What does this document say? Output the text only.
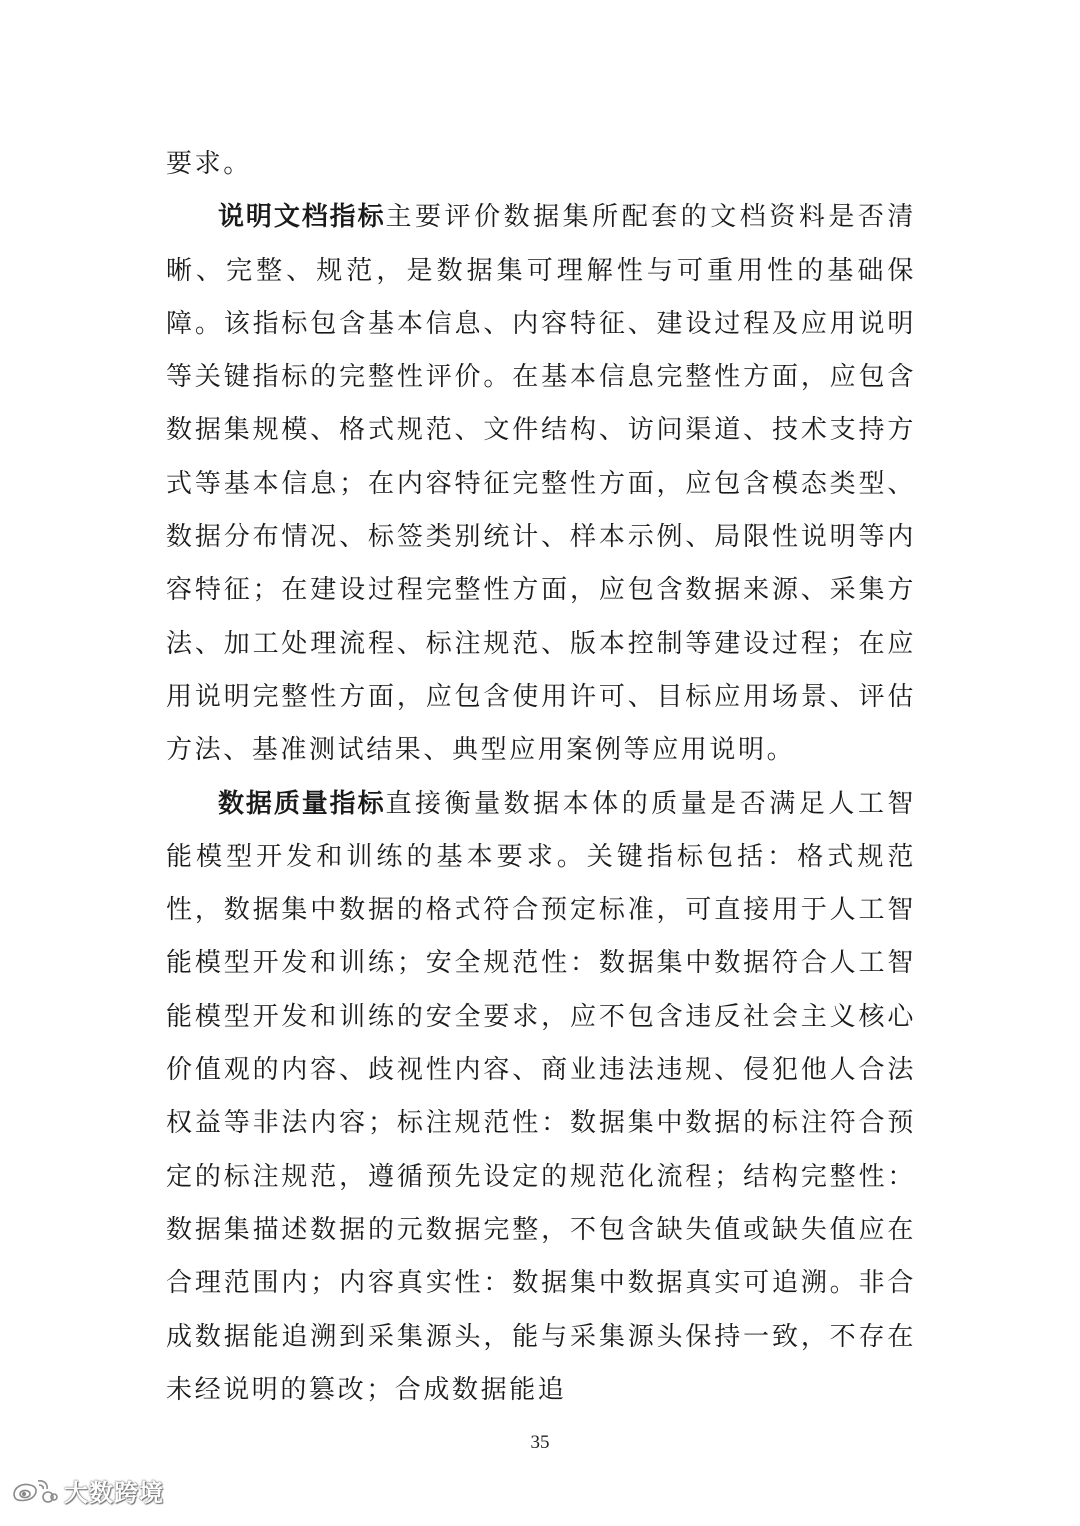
要求。

说明文档指标主要评价数据集所配套的文档资料是否清晰、完整、规范，是数据集可理解性与可重用性的基础保障。该指标包含基本信息、内容特征、建设过程及应用说明等关键指标的完整性评价。在基本信息完整性方面，应包含数据集规模、格式规范、文件结构、访问渠道、技术支持方式等基本信息；在内容特征完整性方面，应包含模态类型、数据分布情况、标签类别统计、样本示例、局限性说明等内容特征；在建设过程完整性方面，应包含数据来源、采集方法、加工处理流程、标注规范、版本控制等建设过程；在应用说明完整性方面，应包含使用许可、目标应用场景、评估方法、基准测试结果、典型应用案例等应用说明。

数据质量指标直接衡量数据本体的质量是否满足人工智能模型开发和训练的基本要求。关键指标包括：格式规范性，数据集中数据的格式符合预定标准，可直接用于人工智能模型开发和训练；安全规范性：数据集中数据符合人工智能模型开发和训练的安全要求，应不包含违反社会主义核心价值观的内容、歧视性内容、商业违法违规、侵犯他人合法权益等非法内容；标注规范性：数据集中数据的标注符合预定的标注规范，遵循预先设定的规范化流程；结构完整性：数据集描述数据的元数据完整，不包含缺失值或缺失值应在合理范围内；内容真实性：数据集中数据真实可追溯。非合成数据能追溯到采集源头，能与采集源头保持一致，不存在未经说明的篡改；合成数据能追

35
大数跨境
